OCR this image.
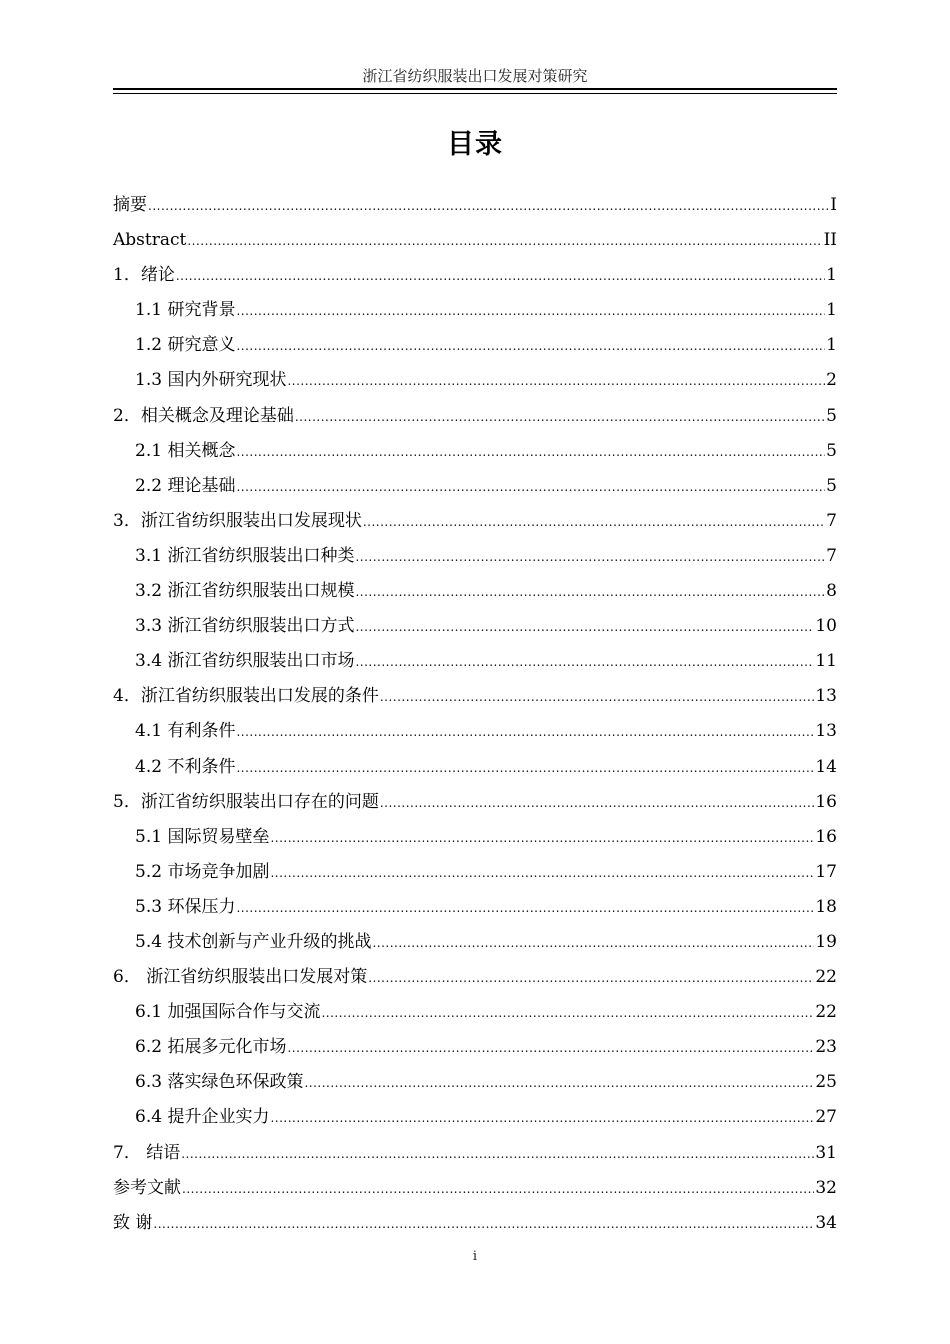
浙江省纺织服装出口发展对策研究
目录
摘要 .....	I
Abstract .....	II
1．绪论 .....	1
1.1 研究背景 .....	1
1.2 研究意义 .....	1
1.3 国内外研究现状 .....	2
2．相关概念及理论基础 .....	5
2.1 相关概念 .....	5
2.2 理论基础 .....	5
3．浙江省纺织服装出口发展现状 .....	7
3.1 浙江省纺织服装出口种类 .....	7
3.2 浙江省纺织服装出口规模 .....	8
3.3 浙江省纺织服装出口方式 .....	10
3.4 浙江省纺织服装出口市场 .....	11
4．浙江省纺织服装出口发展的条件 .....	13
4.1 有利条件 .....	13
4.2 不利条件 .....	14
5．浙江省纺织服装出口存在的问题 .....	16
5.1 国际贸易壁垒 .....	16
5.2 市场竞争加剧 .....	17
5.3 环保压力 .....	18
5.4 技术创新与产业升级的挑战 .....	19
6． 浙江省纺织服装出口发展对策 .....	22
6.1 加强国际合作与交流 .....	22
6.2 拓展多元化市场 .....	23
6.3 落实绿色环保政策 .....	25
6.4 提升企业实力 .....	27
7． 结语 .....	31
参考文献 .....	32
致 谢 .....	34
i
